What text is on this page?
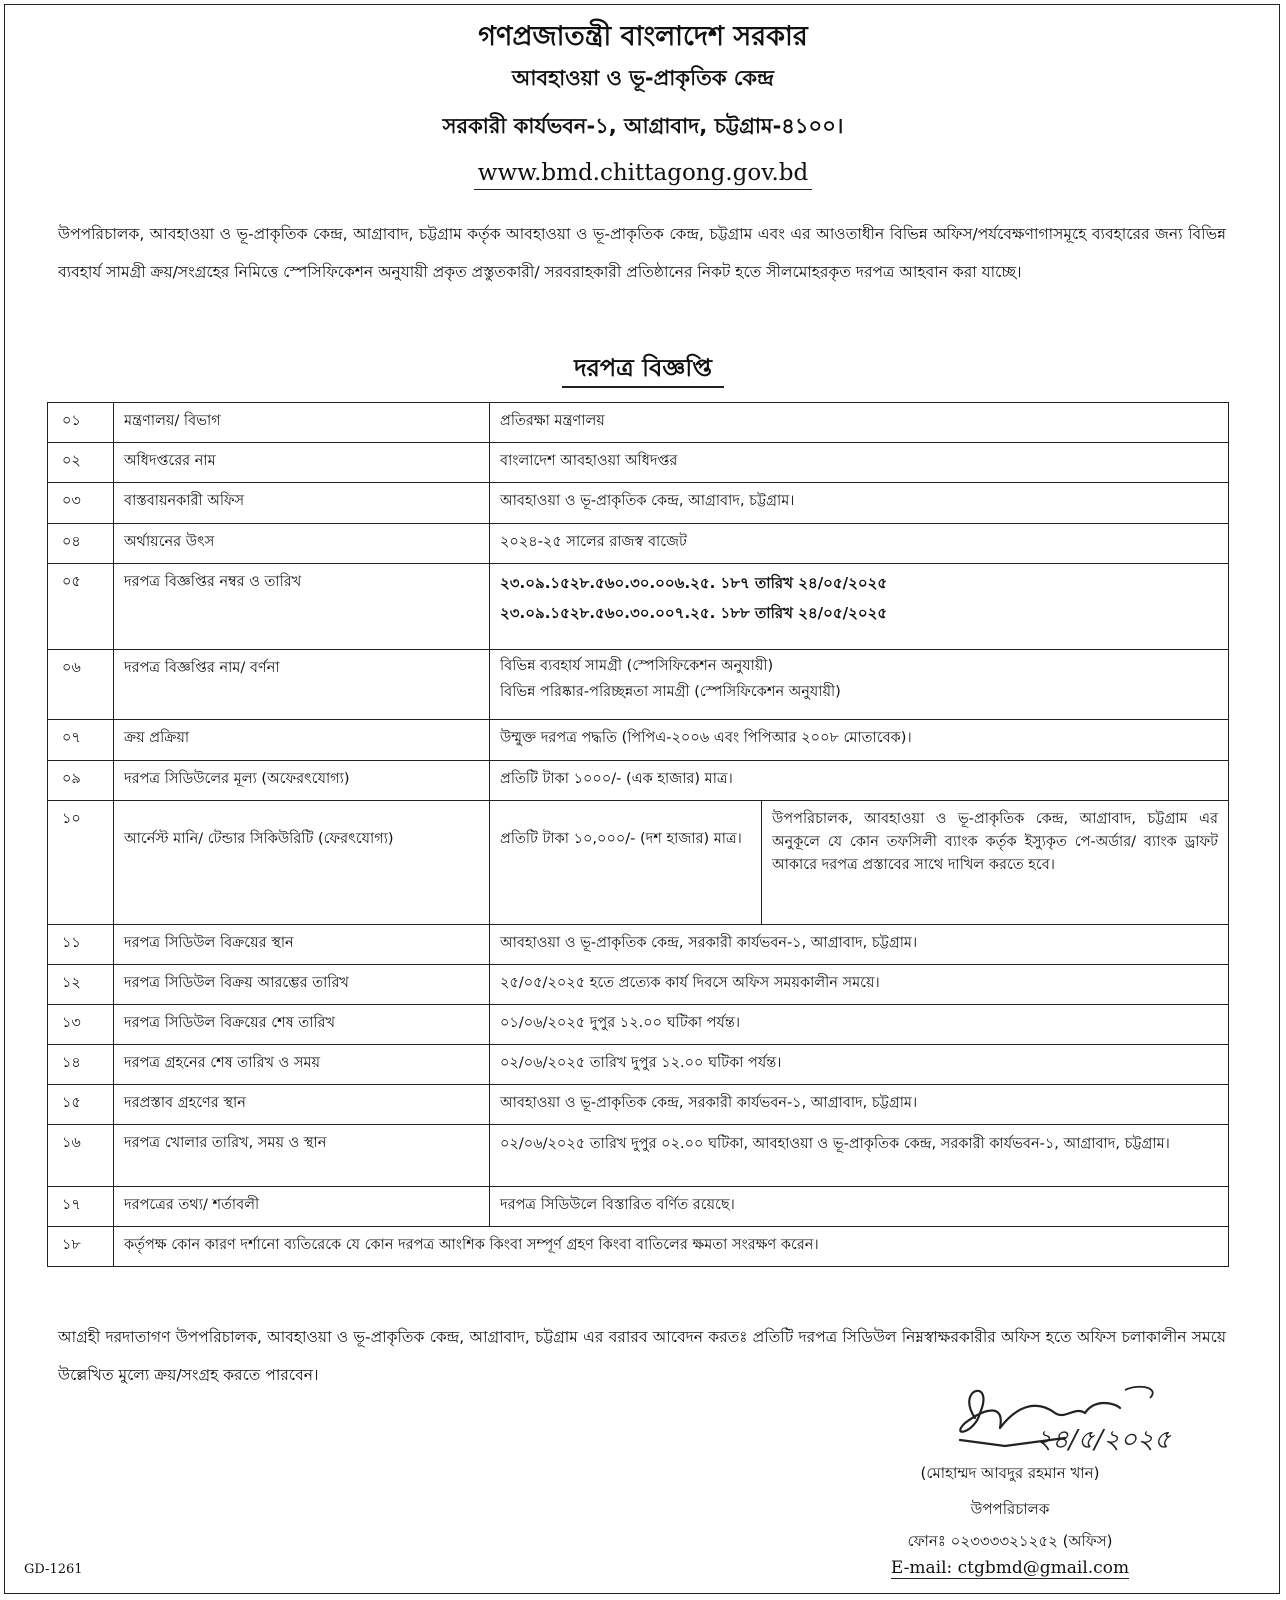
গণপ্রজাতন্ত্রী বাংলাদেশ সরকার
আবহাওয়া ও ভূ-প্রাকৃতিক কেন্দ্র
সরকারী কার্যভবন-১, আগ্রাবাদ, চট্টগ্রাম-৪১০০।
www.bmd.chittagong.gov.bd
উপপরিচালক, আবহাওয়া ও ভূ-প্রাকৃতিক কেন্দ্র, আগ্রাবাদ, চট্টগ্রাম কর্তৃক আবহাওয়া ও ভূ-প্রাকৃতিক কেন্দ্র, চট্টগ্রাম এবং এর আওতাধীন বিভিন্ন অফিস/পর্যবেক্ষণাগাসমূহে ব্যবহারের জন্য বিভিন্ন ব্যবহার্য সামগ্রী ক্রয়/সংগ্রহের নিমিত্তে স্পেসিফিকেশন অনুযায়ী প্রকৃত প্রস্তুতকারী/ সরবরাহকারী প্রতিষ্ঠানের নিকট হতে সীলমোহরকৃত দরপত্র আহবান করা যাচ্ছে।
দরপত্র বিজ্ঞপ্তি
০১	মন্ত্রণালয়/ বিভাগ	প্রতিরক্ষা মন্ত্রণালয়	
০২	অধিদপ্তরের নাম	বাংলাদেশ আবহাওয়া অধিদপ্তর	
০৩	বাস্তবায়নকারী অফিস	আবহাওয়া ও ভূ-প্রাকৃতিক কেন্দ্র, আগ্রাবাদ, চট্টগ্রাম।	
০৪	অর্থায়নের উৎস	২০২৪-২৫ সালের রাজস্ব বাজেট	
০৫	দরপত্র বিজ্ঞপ্তির নম্বর ও তারিখ	২৩.০৯.১৫২৮.৫৬০.৩০.০০৬.২৫. ১৮৭ তারিখ ২৪/০৫/২০২৫
২৩.০৯.১৫২৮.৫৬০.৩০.০০৭.২৫. ১৮৮ তারিখ ২৪/০৫/২০২৫	

০৬	দরপত্র বিজ্ঞপ্তির নাম/ বর্ণনা	বিভিন্ন ব্যবহার্য সামগ্রী (স্পেসিফিকেশন অনুযায়ী)
বিভিন্ন পরিষ্কার-পরিচ্ছন্নতা সামগ্রী (স্পেসিফিকেশন অনুযায়ী)	

০৭	ক্রয় প্রক্রিয়া	উম্মুক্ত দরপত্র পদ্ধতি (পিপিএ-২০০৬ এবং পিপিআর ২০০৮ মোতাবেক)।	
০৯	দরপত্র সিডিউলের মূল্য (অফেরৎযোগ্য)	প্রতিটি টাকা ১০০০/- (এক হাজার) মাত্র।	
১০	আর্নেস্ট মানি/ টেন্ডার সিকিউরিটি (ফেরৎযোগ্য)	প্রতিটি টাকা ১০,০০০/- (দশ হাজার) মাত্র।	উপপরিচালক, আবহাওয়া ও ভূ-প্রাকৃতিক কেন্দ্র, আগ্রাবাদ, চট্টগ্রাম এর অনুকূলে যে কোন তফসিলী ব্যাংক কর্তৃক ইস্যুকৃত পে-অর্ডার/ ব্যাংক ড্রাফট আকারে দরপত্র প্রস্তাবের সাথে দাখিল করতে হবে।
১১	দরপত্র সিডিউল বিক্রয়ের স্থান	আবহাওয়া ও ভূ-প্রাকৃতিক কেন্দ্র, সরকারী কার্যভবন-১, আগ্রাবাদ, চট্টগ্রাম।	
১২	দরপত্র সিডিউল বিক্রয় আরম্ভের তারিখ	২৫/০৫/২০২৫ হতে প্রত্যেক কার্য দিবসে অফিস সময়কালীন সময়ে।	
১৩	দরপত্র সিডিউল বিক্রয়ের শেষ তারিখ	০১/০৬/২০২৫ দুপুর ১২.০০ ঘটিকা পর্যন্ত।	
১৪	দরপত্র গ্রহনের শেষ তারিখ ও সময়	০২/০৬/২০২৫ তারিখ দুপুর ১২.০০ ঘটিকা পর্যন্ত।	
১৫	দরপ্রস্তাব গ্রহণের স্থান	আবহাওয়া ও ভূ-প্রাকৃতিক কেন্দ্র, সরকারী কার্যভবন-১, আগ্রাবাদ, চট্টগ্রাম।	
১৬	দরপত্র খোলার তারিখ, সময় ও স্থান	০২/০৬/২০২৫ তারিখ দুপুর ০২.০০ ঘটিকা, আবহাওয়া ও ভূ-প্রাকৃতিক কেন্দ্র, সরকারী কার্যভবন-১, আগ্রাবাদ, চট্টগ্রাম।	
১৭	দরপত্রের তথ্য/ শর্তাবলী	দরপত্র সিডিউলে বিস্তারিত বর্ণিত রয়েছে।	
১৮	কর্তৃপক্ষ কোন কারণ দর্শানো ব্যতিরেকে যে কোন দরপত্র আংশিক কিংবা সম্পূর্ণ গ্রহণ কিংবা বাতিলের ক্ষমতা সংরক্ষণ করেন।		
আগ্রহী দরদাতাগণ উপপরিচালক, আবহাওয়া ও ভূ-প্রাকৃতিক কেন্দ্র, আগ্রাবাদ, চট্টগ্রাম এর বরারব আবেদন করতঃ প্রতিটি দরপত্র সিডিউল নিম্নস্বাক্ষরকারীর অফিস হতে অফিস চলাকালীন সময়ে উল্লেখিত মুল্যে ক্রয়/সংগ্রহ করতে পারবেন।
২৪/৫/২০২৫
(মোহাম্মদ আবদুর রহমান খান)
উপপরিচালক
ফোনঃ ০২৩৩৩৩২১২৫২ (অফিস)
E-mail: ctgbmd@gmail.com
GD-1261
